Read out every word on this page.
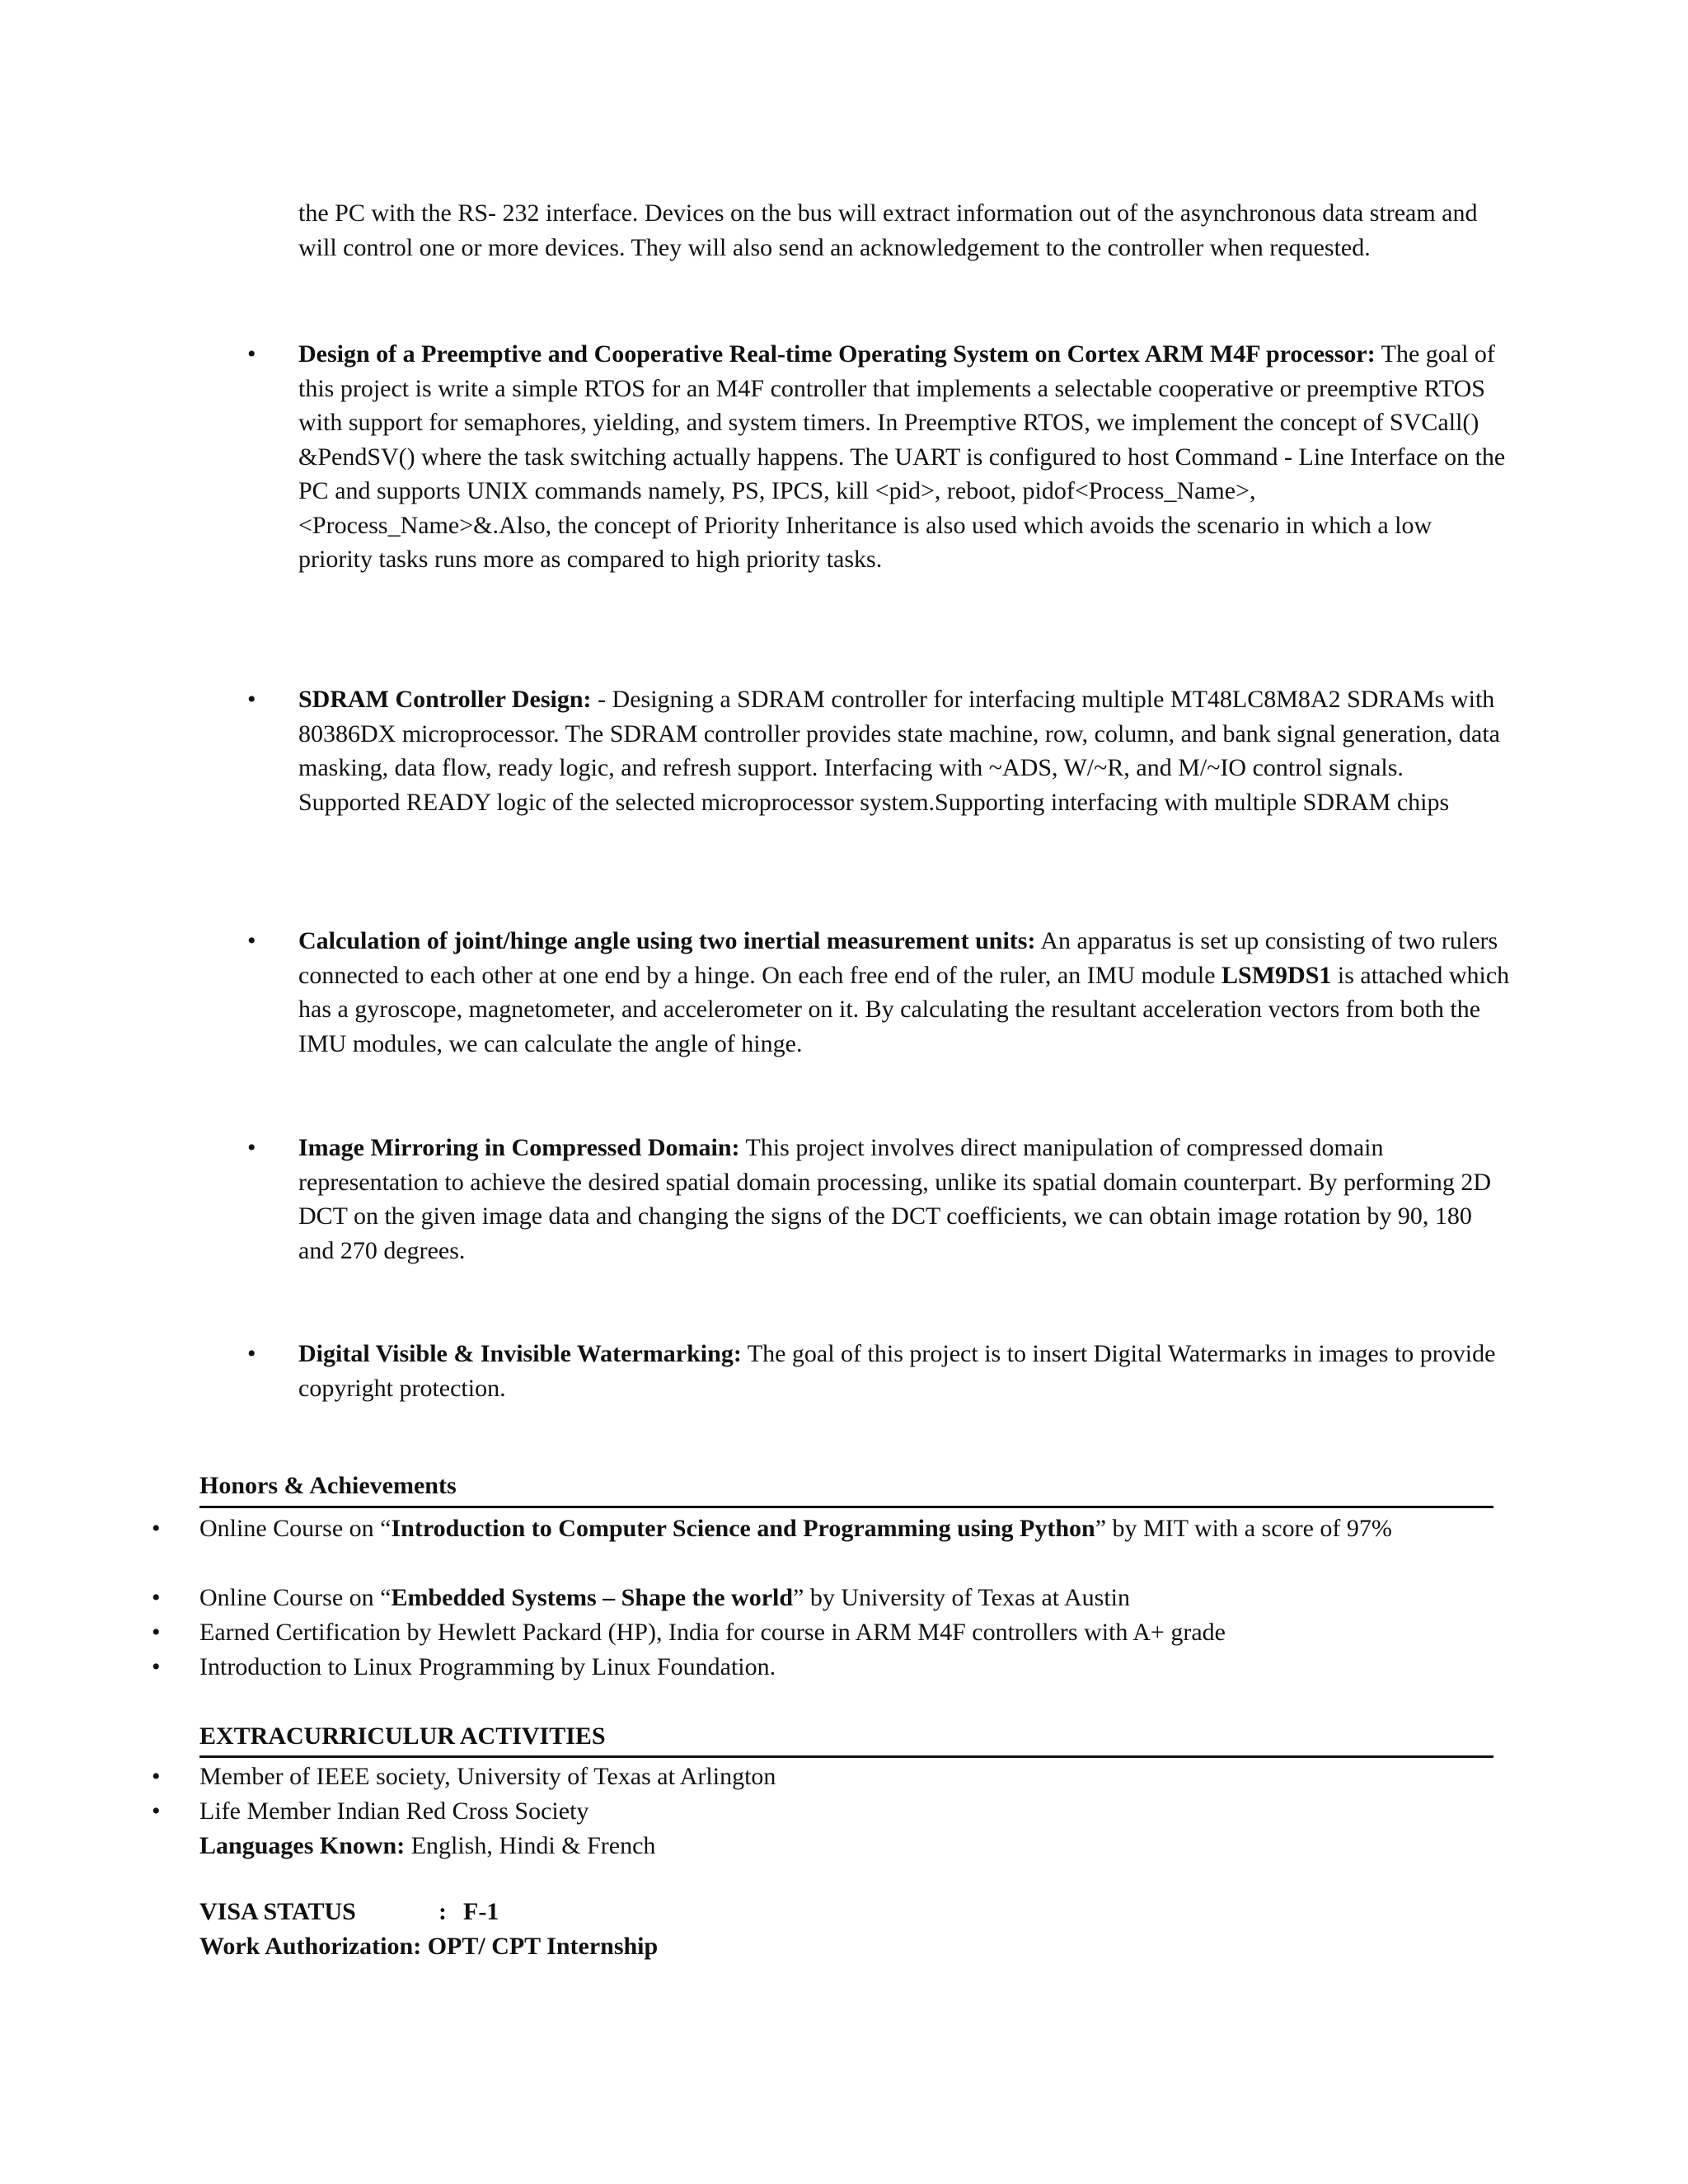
the PC with the RS- 232 interface. Devices on the bus will extract information out of the asynchronous data stream and will control one or more devices. They will also send an acknowledgement to the controller when requested.

• Design of a Preemptive and Cooperative Real-time Operating System on Cortex ARM M4F processor: The goal of this project is write a simple RTOS for an M4F controller that implements a selectable cooperative or preemptive RTOS with support for semaphores, yielding, and system timers. In Preemptive RTOS, we implement the concept of SVCall() &PendSV() where the task switching actually happens. The UART is configured to host Command - Line Interface on the PC and supports UNIX commands namely, PS, IPCS, kill <pid>, reboot, pidof<Process_Name>, <Process_Name>&.Also, the concept of Priority Inheritance is also used which avoids the scenario in which a low priority tasks runs more as compared to high priority tasks.

• SDRAM Controller Design: - Designing a SDRAM controller for interfacing multiple MT48LC8M8A2 SDRAMs with 80386DX microprocessor. The SDRAM controller provides state machine, row, column, and bank signal generation, data masking, data flow, ready logic, and refresh support. Interfacing with ~ADS, W/~R, and M/~IO control signals.
Supported READY logic of the selected microprocessor system.Supporting interfacing with multiple SDRAM chips

• Calculation of joint/hinge angle using two inertial measurement units: An apparatus is set up consisting of two rulers connected to each other at one end by a hinge. On each free end of the ruler, an IMU module LSM9DS1 is attached which has a gyroscope, magnetometer, and accelerometer on it. By calculating the resultant acceleration vectors from both the IMU modules, we can calculate the angle of hinge.

• Image Mirroring in Compressed Domain: This project involves direct manipulation of compressed domain representation to achieve the desired spatial domain processing, unlike its spatial domain counterpart. By performing 2D DCT on the given image data and changing the signs of the DCT coefficients, we can obtain image rotation by 90, 180 and 270 degrees.

• Digital Visible & Invisible Watermarking: The goal of this project is to insert Digital Watermarks in images to provide copyright protection.

Honors & Achievements
• Online Course on “Introduction to Computer Science and Programming using Python” by MIT with a score of 97%

• Online Course on “Embedded Systems – Shape the world” by University of Texas at Austin

• Earned Certification by Hewlett Packard (HP), India for course in ARM M4F controllers with A+ grade

• Introduction to Linux Programming by Linux Foundation.

EXTRACURRICULUR ACTIVITIES
• Member of IEEE society, University of Texas at Arlington

• Life Member Indian Red Cross Society

Languages Known: English, Hindi & French

VISA STATUS	: F-1
Work Authorization: OPT/ CPT Internship
